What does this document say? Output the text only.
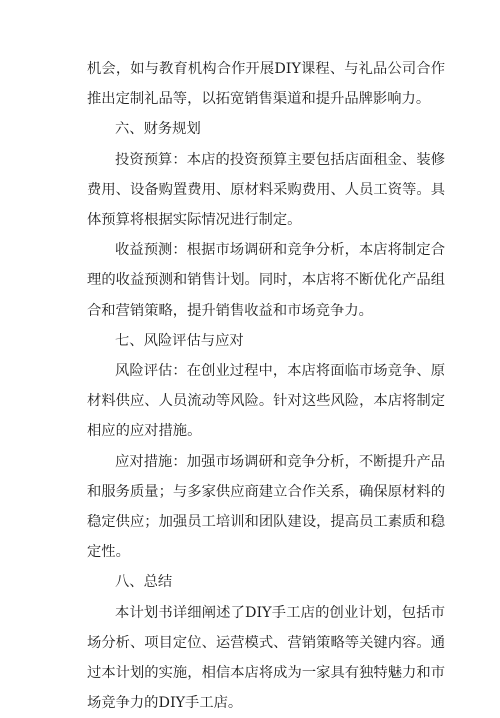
机会，如与教育机构合作开展DIY课程、与礼品公司合作推出定制礼品等，以拓宽销售渠道和提升品牌影响力。

六、财务规划

投资预算：本店的投资预算主要包括店面租金、装修费用、设备购置费用、原材料采购费用、人员工资等。具体预算将根据实际情况进行制定。

收益预测：根据市场调研和竞争分析，本店将制定合理的收益预测和销售计划。同时，本店将不断优化产品组合和营销策略，提升销售收益和市场竞争力。

七、风险评估与应对

风险评估：在创业过程中，本店将面临市场竞争、原材料供应、人员流动等风险。针对这些风险，本店将制定相应的应对措施。

应对措施：加强市场调研和竞争分析，不断提升产品和服务质量；与多家供应商建立合作关系，确保原材料的稳定供应；加强员工培训和团队建设，提高员工素质和稳定性。

八、总结

本计划书详细阐述了DIY手工店的创业计划，包括市场分析、项目定位、运营模式、营销策略等关键内容。通过本计划的实施，相信本店将成为一家具有独特魅力和市场竞争力的DIY手工店。
